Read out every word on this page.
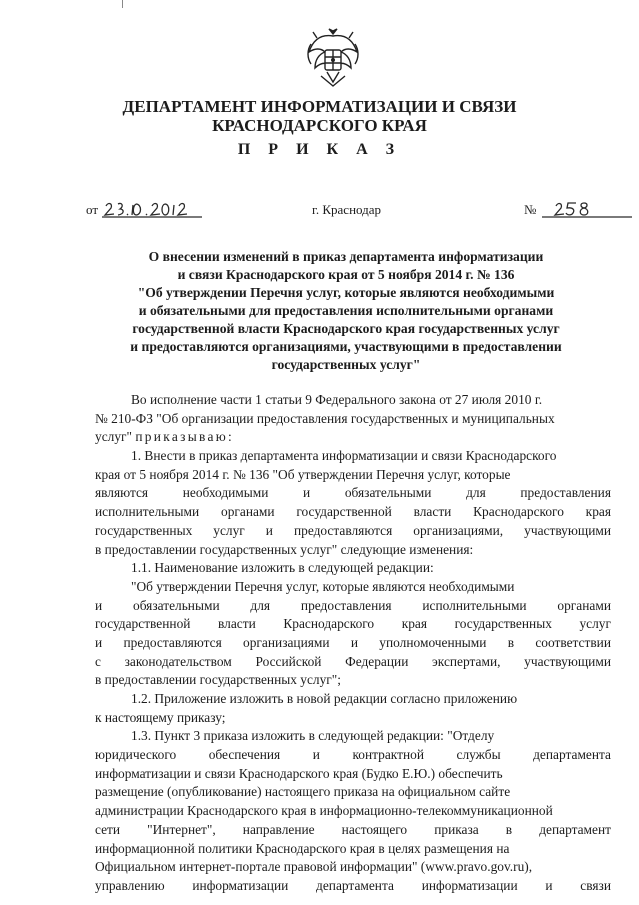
ДЕПАРТАМЕНТ ИНФОРМАТИЗАЦИИ И СВЯЗИ
КРАСНОДАРСКОГО КРАЯ
П Р И К А З
от	г. Краснодар	№
О внесении изменений в приказ департамента информатизации
и связи Краснодарского края от 5 ноября 2014 г. № 136
"Об утверждении Перечня услуг, которые являются необходимыми
и обязательными для предоставления исполнительными органами
государственной власти Краснодарского края государственных услуг
и предоставляются организациями, участвующими в предоставлении
государственных услуг"
Во исполнение части 1 статьи 9 Федерального закона от 27 июля 2010 г.
№ 210-ФЗ "Об организации предоставления государственных и муниципальных
услуг" приказываю:
1. Внести в приказ департамента информатизации и связи Краснодарского
края от 5 ноября 2014 г. № 136 "Об утверждении Перечня услуг, которые
являются необходимыми и обязательными для предоставления
исполнительными органами государственной власти Краснодарского края
государственных услуг и предоставляются организациями, участвующими
в предоставлении государственных услуг" следующие изменения:
1.1. Наименование изложить в следующей редакции:
"Об утверждении Перечня услуг, которые являются необходимыми
и обязательными для предоставления исполнительными органами
государственной власти Краснодарского края государственных услуг
и предоставляются организациями и уполномоченными в соответствии
с законодательством Российской Федерации экспертами, участвующими
в предоставлении государственных услуг";
1.2. Приложение изложить в новой редакции согласно приложению
к настоящему приказу;
1.3. Пункт 3 приказа изложить в следующей редакции: "Отделу
юридического обеспечения и контрактной службы департамента
информатизации и связи Краснодарского края (Будко Е.Ю.) обеспечить
размещение (опубликование) настоящего приказа на официальном сайте
администрации Краснодарского края в информационно-телекоммуникационной
сети "Интернет", направление настоящего приказа в департамент
информационной политики Краснодарского края в целях размещения на
Официальном интернет-портале правовой информации" (www.pravo.gov.ru),
управлению информатизации департамента информатизации и связи
